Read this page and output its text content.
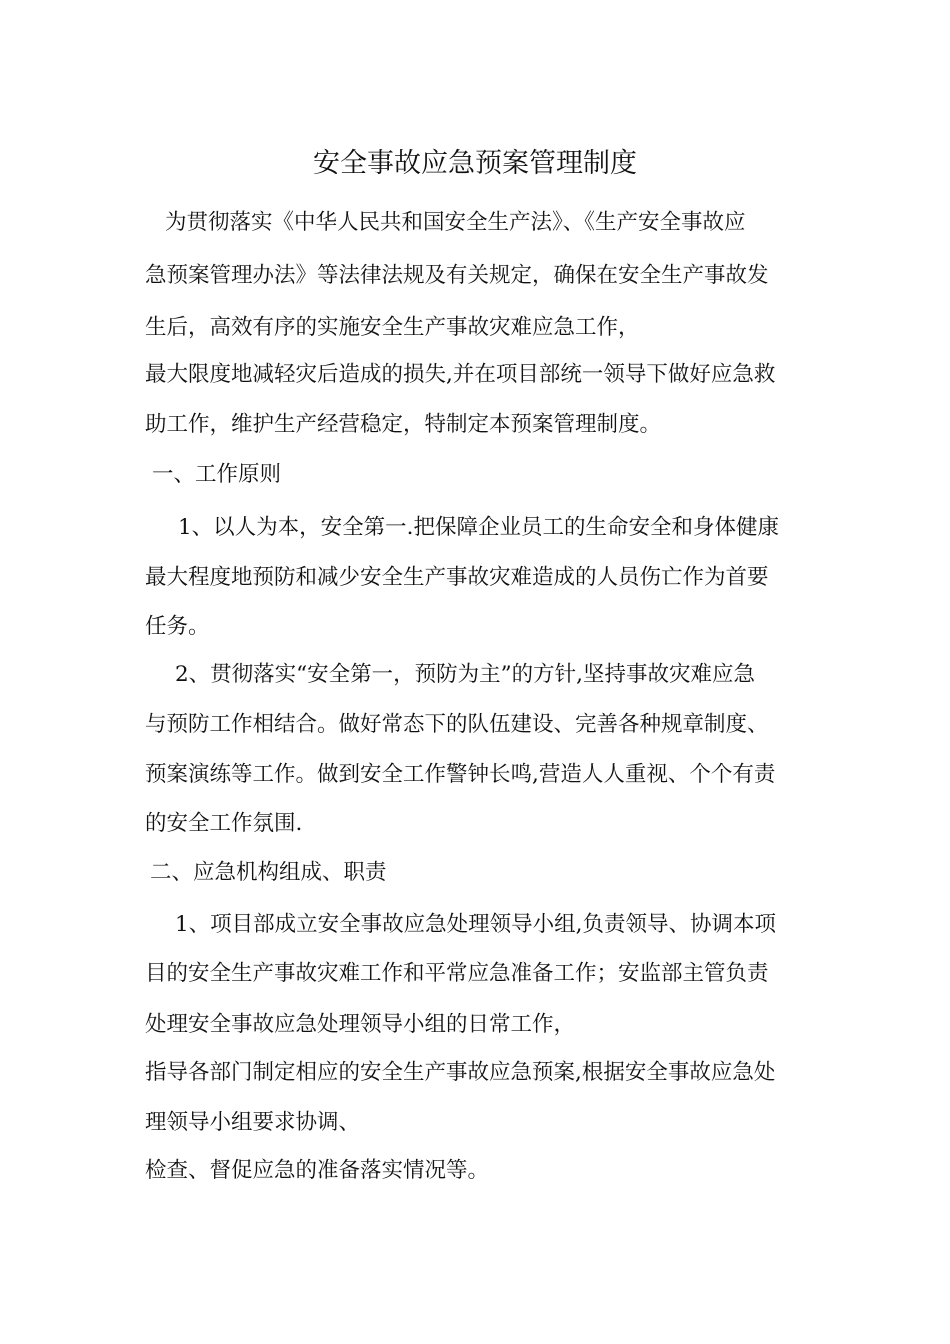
安全事故应急预案管理制度
为贯彻落实《中华人民共和国安全生产法》、《生产安全事故应
急预案管理办法》等法律法规及有关规定，确保在安全生产事故发
生后，高效有序的实施安全生产事故灾难应急工作，
最大限度地减轻灾后造成的损失,并在项目部统一领导下做好应急救
助工作，维护生产经营稳定，特制定本预案管理制度。
一、工作原则
1、以人为本，安全第一.把保障企业员工的生命安全和身体健康
最大程度地预防和减少安全生产事故灾难造成的人员伤亡作为首要
任务。
2、贯彻落实“安全第一，预防为主”的方针,坚持事故灾难应急
与预防工作相结合。做好常态下的队伍建设、完善各种规章制度、
预案演练等工作。做到安全工作警钟长鸣,营造人人重视、个个有责
的安全工作氛围.
二、应急机构组成、职责
1、项目部成立安全事故应急处理领导小组,负责领导、协调本项
目的安全生产事故灾难工作和平常应急准备工作；安监部主管负责
处理安全事故应急处理领导小组的日常工作，
指导各部门制定相应的安全生产事故应急预案,根据安全事故应急处
理领导小组要求协调、
检查、督促应急的准备落实情况等。
